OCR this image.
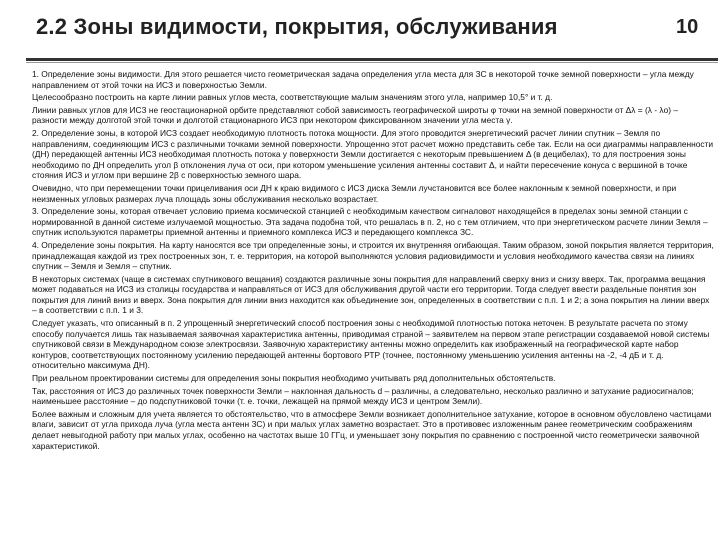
2.2 Зоны видимости, покрытия, обслуживания	10

1. Определение зоны видимости. Для этого решается чисто геометрическая задача определения угла места для ЗС в некоторой точке земной поверхности – угла между направлением от этой точки на ИСЗ и поверхностью Земли.

Целесообразно построить на карте линии равных углов места, соответствующие малым значениям этого угла, например 10,5° и т. д.

Линии равных углов для ИСЗ не геостационарной орбите представляют собой зависимость географической широты φ точки на земной поверхности от Δλ = (λ - λо) – разности между долготой этой точки и долготой стационарного ИСЗ при некотором фиксированном значении угла места γ.

2. Определение зоны, в которой ИСЗ создает необходимую плотность потока мощности. Для этого проводится энергетический расчет линии спутник – Земля по направлениям, соединяющим ИСЗ с различными точками земной поверхности. Упрощенно этот расчет можно представить себе так. Если на оси диаграммы направленности (ДН) передающей антенны ИСЗ необходимая плотность потока у поверхности Земли достигается с некоторым превышением Δ (в децибелах), то для построения зоны необходимо по ДН определить угол β отклонения луча от оси, при котором уменьшение усиления антенны составит Δ, и найти пересечение конуса с вершиной в точке стояния ИСЗ и углом при вершине 2β с поверхностью земного шара.

Очевидно, что при перемещении точки прицеливания оси ДН к краю видимого с ИСЗ диска Земли лучстановится все более наклонным к земной поверхности, и при неизменных угловых размерах луча площадь зоны обслуживания несколько возрастает.

3. Определение зоны, которая отвечает условию приема космической станцией с необходимым качеством сигналовот находящейся в пределах зоны земной станции с нормированной в данной системе излучаемой мощностью. Эта задача подобна той, что решалась в п. 2, но с тем отличием, что при энергетическом расчете линии Земля – спутник используются параметры приемной антенны и приемного комплекса ИСЗ и передающего комплекса ЗС.

4. Определение зоны покрытия. На карту наносятся все три определенные зоны, и строится их внутренняя огибающая. Таким образом, зоной покрытия является территория, принадлежащая каждой из трех построенных зон, т. е. территория, на которой выполняются условия радиовидимости и условия необходимого качества связи на линиях спутник – Земля и Земля – спутник.

В некоторых системах (чаще в системах спутникового вещания) создаются различные зоны покрытия для направлений сверху вниз и снизу вверх. Так, программа вещания может подаваться на ИСЗ из столицы государства и направляться от ИСЗ для обслуживания другой части его территории. Тогда следует ввести раздельные понятия зон покрытия для линий вниз и вверх. Зона покрытия для линии вниз находится как объединение зон, определенных в соответствии с п.п. 1 и 2; а зона покрытия на линии вверх – в соответствии с п.п. 1 и 3.

Следует указать, что описанный в п. 2 упрощенный энергетический способ построения зоны с необходимой плотностью потока неточен. В результате расчета по этому способу получается лишь так называемая заявочная характеристика антенны, приводимая страной – заявителем на первом этапе регистрации создаваемой новой системы спутниковой связи в Международном союзе электросвязи. Заявочную характеристику антенны можно определить как изображенный на географической карте набор контуров, соответствующих постоянному усилению передающей антенны бортового РТР (точнее, постоянному уменьшению усиления антенны на -2, -4 дБ и т. д. относительно максимума ДН).

При реальном проектировании системы для определения зоны покрытия необходимо учитывать ряд дополнительных обстоятельств.

Так, расстояния от ИСЗ до различных точек поверхности Земли – наклонная дальность d – различны, а следовательно, несколько различно и затухание радиосигналов; наименьшее расстояние – до подспутниковой точки (т. е. точки, лежащей на прямой между ИСЗ и центром Земли).

Более важным и сложным для учета является то обстоятельство, что в атмосфере Земли возникает дополнительное затухание, которое в основном обусловлено частицами влаги, зависит от угла прихода луча (угла места антенн ЗС) и при малых углах заметно возрастает. Это в противовес изложенным ранее геометрическим соображениям делает невыгодной работу при малых углах, особенно на частотах выше 10 ГГц, и уменьшает зону покрытия по сравнению с построенной чисто геометрически заявочной характеристикой.
